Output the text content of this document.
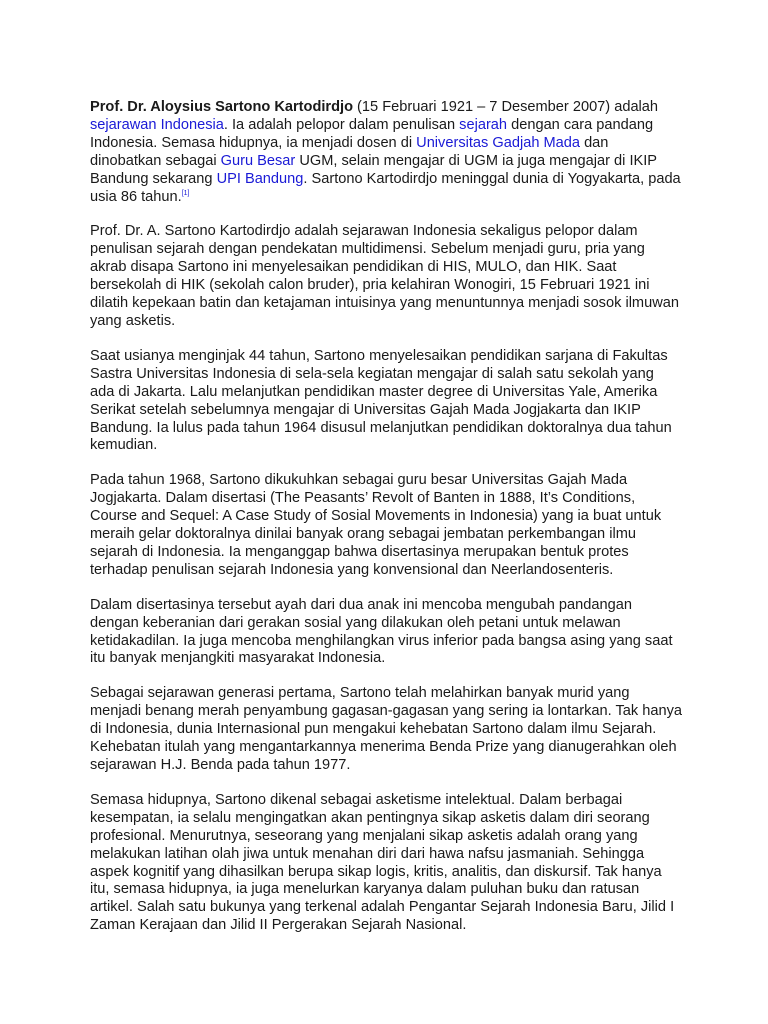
Prof. Dr. Aloysius Sartono Kartodirdjo (15 Februari 1921 – 7 Desember 2007) adalah sejarawan Indonesia. Ia adalah pelopor dalam penulisan sejarah dengan cara pandang Indonesia. Semasa hidupnya, ia menjadi dosen di Universitas Gadjah Mada dan dinobatkan sebagai Guru Besar UGM, selain mengajar di UGM ia juga mengajar di IKIP Bandung sekarang UPI Bandung. Sartono Kartodirdjo meninggal dunia di Yogyakarta, pada usia 86 tahun.[1]

Prof. Dr. A. Sartono Kartodirdjo adalah sejarawan Indonesia sekaligus pelopor dalam penulisan sejarah dengan pendekatan multidimensi. Sebelum menjadi guru, pria yang akrab disapa Sartono ini menyelesaikan pendidikan di HIS, MULO, dan HIK. Saat bersekolah di HIK (sekolah calon bruder), pria kelahiran Wonogiri, 15 Februari 1921 ini dilatih kepekaan batin dan ketajaman intuisinya yang menuntunnya menjadi sosok ilmuwan yang asketis.

Saat usianya menginjak 44 tahun, Sartono menyelesaikan pendidikan sarjana di Fakultas Sastra Universitas Indonesia di sela-sela kegiatan mengajar di salah satu sekolah yang ada di Jakarta. Lalu melanjutkan pendidikan master degree di Universitas Yale, Amerika Serikat setelah sebelumnya mengajar di Universitas Gajah Mada Jogjakarta dan IKIP Bandung. Ia lulus pada tahun 1964 disusul melanjutkan pendidikan doktoralnya dua tahun kemudian.

Pada tahun 1968, Sartono dikukuhkan sebagai guru besar Universitas Gajah Mada Jogjakarta. Dalam disertasi (The Peasants’ Revolt of Banten in 1888, It’s Conditions, Course and Sequel: A Case Study of Sosial Movements in Indonesia) yang ia buat untuk meraih gelar doktoralnya dinilai banyak orang sebagai jembatan perkembangan ilmu sejarah di Indonesia. Ia menganggap bahwa disertasinya merupakan bentuk protes terhadap penulisan sejarah Indonesia yang konvensional dan Neerlandosenteris.

Dalam disertasinya tersebut ayah dari dua anak ini mencoba mengubah pandangan dengan keberanian dari gerakan sosial yang dilakukan oleh petani untuk melawan ketidakadilan. Ia juga mencoba menghilangkan virus inferior pada bangsa asing yang saat itu banyak menjangkiti masyarakat Indonesia.

Sebagai sejarawan generasi pertama, Sartono telah melahirkan banyak murid yang menjadi benang merah penyambung gagasan-gagasan yang sering ia lontarkan. Tak hanya di Indonesia, dunia Internasional pun mengakui kehebatan Sartono dalam ilmu Sejarah. Kehebatan itulah yang mengantarkannya menerima Benda Prize yang dianugerahkan oleh sejarawan H.J. Benda pada tahun 1977.

Semasa hidupnya, Sartono dikenal sebagai asketisme intelektual. Dalam berbagai kesempatan, ia selalu mengingatkan akan pentingnya sikap asketis dalam diri seorang profesional. Menurutnya, seseorang yang menjalani sikap asketis adalah orang yang melakukan latihan olah jiwa untuk menahan diri dari hawa nafsu jasmaniah. Sehingga aspek kognitif yang dihasilkan berupa sikap logis, kritis, analitis, dan diskursif. Tak hanya itu, semasa hidupnya, ia juga menelurkan karyanya dalam puluhan buku dan ratusan artikel. Salah satu bukunya yang terkenal adalah Pengantar Sejarah Indonesia Baru, Jilid I Zaman Kerajaan dan Jilid II Pergerakan Sejarah Nasional.
